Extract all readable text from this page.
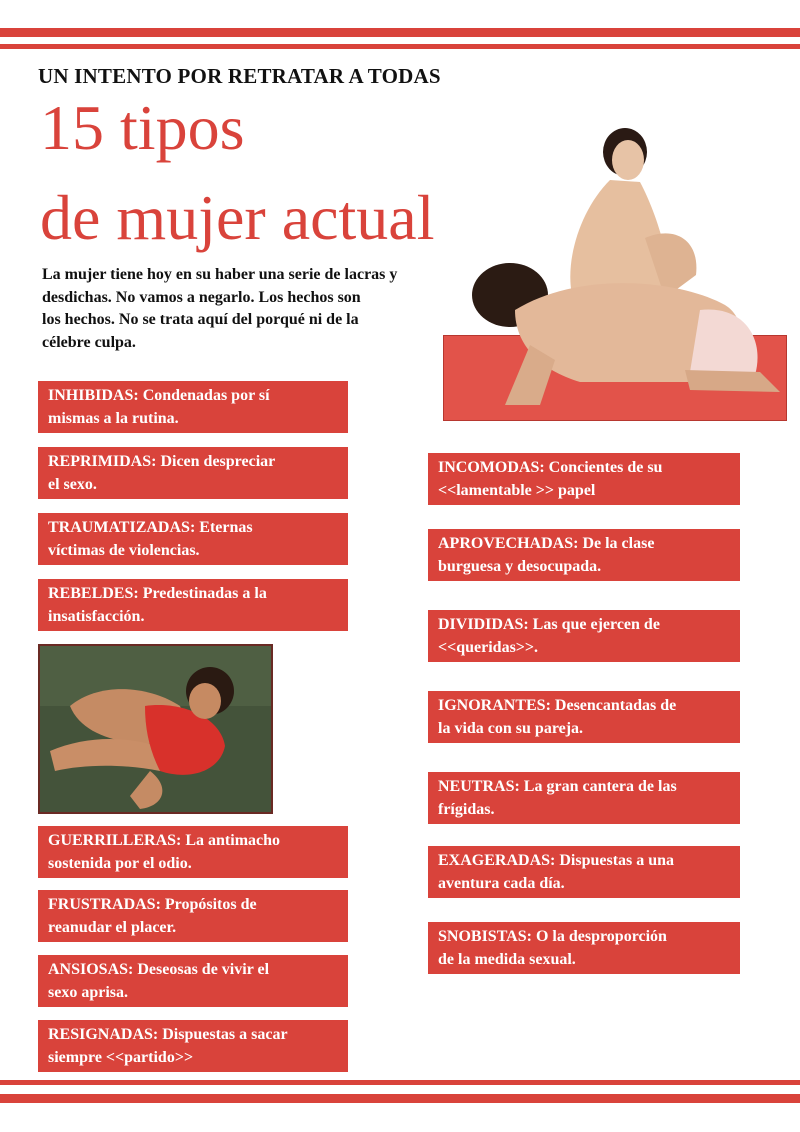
UN INTENTO POR RETRATAR A TODAS
15 tipos
de mujer actual
La mujer tiene hoy en su haber una serie de lacras y
desdichas. No vamos a negarlo. Los hechos son
los hechos. No se trata aquí del porqué ni de la
célebre culpa.
INHIBIDAS: Condenadas por sí
mismas a la rutina.
REPRIMIDAS: Dicen despreciar
el sexo.
TRAUMATIZADAS: Eternas
víctimas de violencias.
REBELDES: Predestinadas a la
insatisfacción.
GUERRILLERAS: La antimacho
sostenida por el odio.
FRUSTRADAS: Propósitos de
reanudar el placer.
ANSIOSAS: Deseosas de vivir el
sexo aprisa.
RESIGNADAS: Dispuestas a sacar
siempre <<partido>>
INCOMODAS: Concientes de su
<<lamentable >> papel
APROVECHADAS: De la clase
burguesa y desocupada.
DIVIDIDAS: Las que ejercen de
<<queridas>>.
IGNORANTES: Desencantadas de
la vida con su pareja.
NEUTRAS: La gran cantera de las
frígidas.
EXAGERADAS: Dispuestas a una
aventura cada día.
SNOBISTAS: O la desproporción
de la medida sexual.
